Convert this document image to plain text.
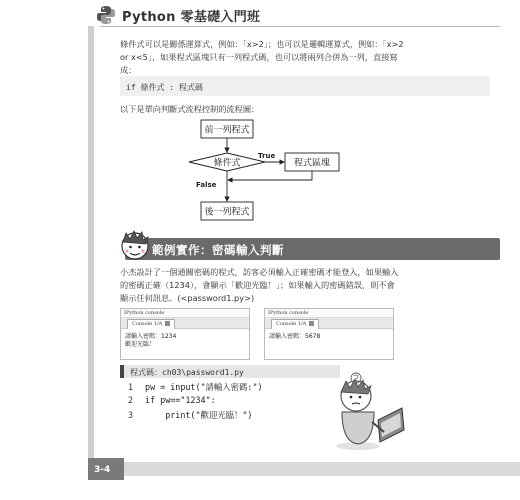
Python 零基礎入門班
條件式可以是關係運算式，例如：「x>2」；也可以是邏輯運算式，例如：「x>2
or x<5」，如果程式區塊只有一列程式碼，也可以將兩列合併為一列，直接寫
成：
if 條件式 : 程式碼
以下是單向判斷式流程控制的流程圖：
前一列程式
條件式
True
程式區塊
False
後一列程式
範例實作：密碼輸入判斷
小杰設計了一個通關密碼的程式，訪客必須輸入正確密碼才能登入，如果輸入
的密碼正確（1234），會顯示「歡迎光臨！」；如果輸入的密碼錯誤，則不會
顯示任何訊息。(<password1.py>)
IPython console
Console 1/A
請輸入密碼：1234
歡迎光臨！
IPython console
Console 1/A
請輸入密碼：5678
程式碼：ch03\password1.py
1 pw = input("請輸入密碼:")
2 if pw=="1234":
3     print("歡迎光臨！")
3-4
